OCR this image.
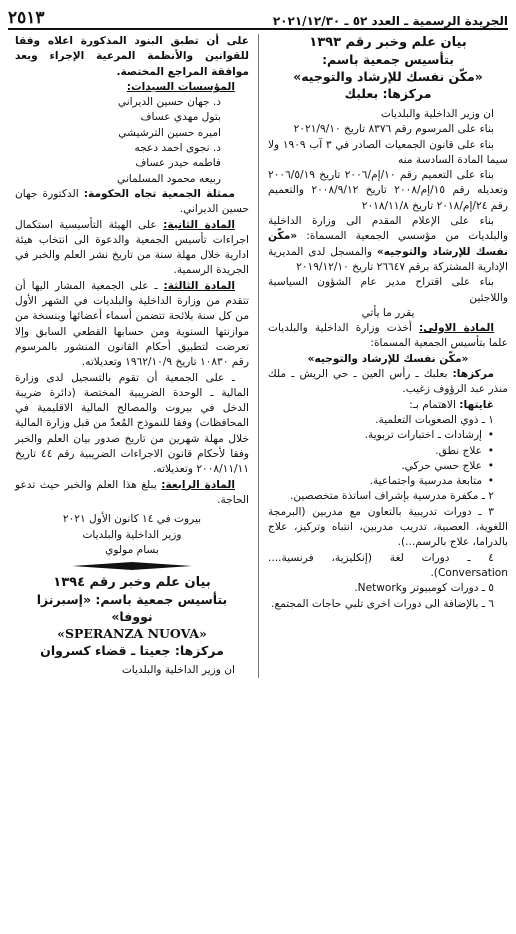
الجريدة الرسمية ـ العدد ٥٢ ـ ٢٠٢١/١٢/٣٠
٢٥١٣
بيان علم وخبر رقم ١٣٩٣
بتأسيس جمعية باسم:
«مكّن نفسك للإرشاد والتوجيه»
مركزها: بعلبك

ان وزير الداخلية والبلديات

بناء على المرسوم رقم ٨٣٧٦ تاريخ ٢٠٢١/٩/١٠

بناء على قانون الجمعيات الصادر في ٣ آب ١٩٠٩ ولا سيما المادة السادسة منه

بناء على التعميم رقم ١٠/إم/٢٠٠٦ تاريخ ٢٠٠٦/٥/١٩ وتعديله رقم ١٥/إم/٢٠٠٨ تاريخ ٢٠٠٨/٩/١٢ والتعميم رقم ٢٤/إم/٢٠١٨ تاريخ ٢٠١٨/١١/٨

بناء على الإعلام المقدم الى وزارة الداخلية والبلديات من مؤسسي الجمعية المسماة: «مكّن نفسك للإرشاد والتوجيه» والمسجل لدى المديرية الإدارية المشتركة برقم ٢٦٦٤٧ تاريخ ٢٠١٩/١٢/١٠

بناء على اقتراح مدير عام الشؤون السياسية واللاجئين

يقرر ما يأتي

المادة الاولى: أخذت وزارة الداخلية والبلديات علما بتأسيس الجمعية المسماة:

«مكّن نفسك للإرشاد والتوجيه»

مركزها: بعلبك ـ رأس العين ـ حي الريش ـ ملك منذر عبد الرؤوف زغيب.

غايتها: الاهتمام بـ:

١ ـ ذوي الصعوبات التعلمية.

• إرشادات ـ اختبارات تربوية.
• علاج نطق.
• علاج حسي حركي.
• متابعة مدرسية واجتماعية.

٢ ـ مكفرة مدرسية بإشراف اساتذة متخصصين.

٣ ـ دورات تدريبية بالتعاون مع مدربين (البرمجة اللغوية، العصبية، تدريب مدربين، انتباه وتركيز، علاج بالدراما، علاج بالرسم...).

٤ ـ دورات لغة (إنكليزية، فرنسية.... Conversation).

٥ ـ دورات كومبيوتر وNetwork.

٦ ـ بالإضافة الى دورات اخرى تلبي حاجات المجتمع.

على أن تطبق البنود المذكورة اعلاه وفقا للقوانين والأنظمة المرعية الإجراء وبعد موافقة المراجع المختصة.

المؤسسات السيدات:

د. جهان حسين الديراني

بتول مهدي عساف

اميره حسين الترشيشي

د. نجوى احمد دعجه

فاطمه حيدر عساف

ربيعه محمود المسلماني

ممثلة الجمعية تجاه الحكومة: الدكتورة جهان حسين الديراني.

المادة الثانية: على الهيئة التأسيسية استكمال اجراءات تأسيس الجمعية والدعوة الى انتخاب هيئة ادارية خلال مهلة سنة من تاريخ نشر العلم والخبر في الجريدة الرسمية.

المادة الثالثة: ـ على الجمعية المشار اليها أن تتقدم من وزارة الداخلية والبلديات في الشهر الأول من كل سنة بلائحة تتضمن أسماء أعضائها وبنسخة من موازنتها السنوية ومن حسابها القطعي السابق وإلا تعرضت لتطبيق أحكام القانون المنشور بالمرسوم رقم ١٠٨٣٠ تاريخ ١٩٦٢/١٠/٩ وتعديلاته.

ـ على الجمعية أن تقوم بالتسجيل لدى وزارة المالية ـ الوحدة الضريبية المختصة (دائرة ضريبة الدخل في بيروت والمصالح المالية الاقليمية في المحافظات) وفقا للنموذج المُعدّ من قبل وزارة المالية خلال مهلة شهرين من تاريخ صدور بيان العلم والخبر وفقا لأحكام قانون الاجراءات الضريبية رقم ٤٤ تاريخ ٢٠٠٨/١١/١١ وتعديلاته.

المادة الرابعة: يبلغ هذا العلم والخبر حيث تدعو الحاجة.

بيروت في ١٤ كانون الأول ٢٠٢١
وزير الداخلية والبلديات
بسام مولوي
بيان علم وخبر رقم ١٣٩٤
بتأسيس جمعية باسم: «إسبرنزا نووفا»
«SPERANZA NUOVA»
مركزها: جعيتا ـ قضاء كسروان

ان وزير الداخلية والبلديات
